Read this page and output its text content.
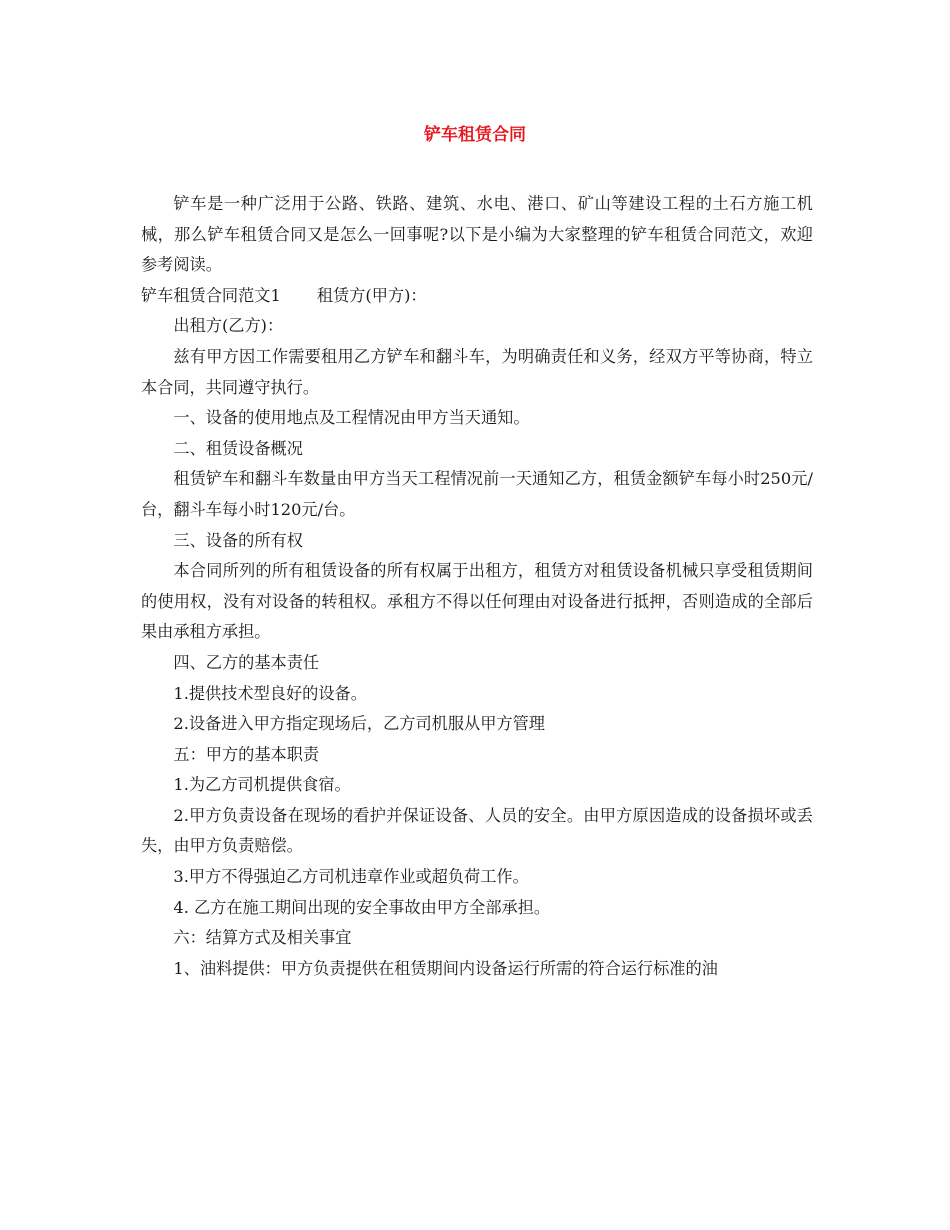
铲车租赁合同

铲车是一种广泛用于公路、铁路、建筑、水电、港口、矿山等建设工程的土石方施工机械，那么铲车租赁合同又是怎么一回事呢?以下是小编为大家整理的铲车租赁合同范文，欢迎参考阅读。

铲车租赁合同范文1 租赁方(甲方)：

出租方(乙方)：

兹有甲方因工作需要租用乙方铲车和翻斗车，为明确责任和义务，经双方平等协商，特立本合同，共同遵守执行。

一、设备的使用地点及工程情况由甲方当天通知。

二、租赁设备概况

租赁铲车和翻斗车数量由甲方当天工程情况前一天通知乙方，租赁金额铲车每小时250元/台，翻斗车每小时120元/台。

三、设备的所有权

本合同所列的所有租赁设备的所有权属于出租方，租赁方对租赁设备机械只享受租赁期间的使用权，没有对设备的转租权。承租方不得以任何理由对设备进行抵押，否则造成的全部后果由承租方承担。

四、乙方的基本责任

1.提供技术型良好的设备。

2.设备进入甲方指定现场后，乙方司机服从甲方管理

五：甲方的基本职责

1.为乙方司机提供食宿。

2.甲方负责设备在现场的看护并保证设备、人员的安全。由甲方原因造成的设备损坏或丢失，由甲方负责赔偿。

3.甲方不得强迫乙方司机违章作业或超负荷工作。

4. 乙方在施工期间出现的安全事故由甲方全部承担。

六：结算方式及相关事宜

1、油料提供：甲方负责提供在租赁期间内设备运行所需的符合运行标准的油
